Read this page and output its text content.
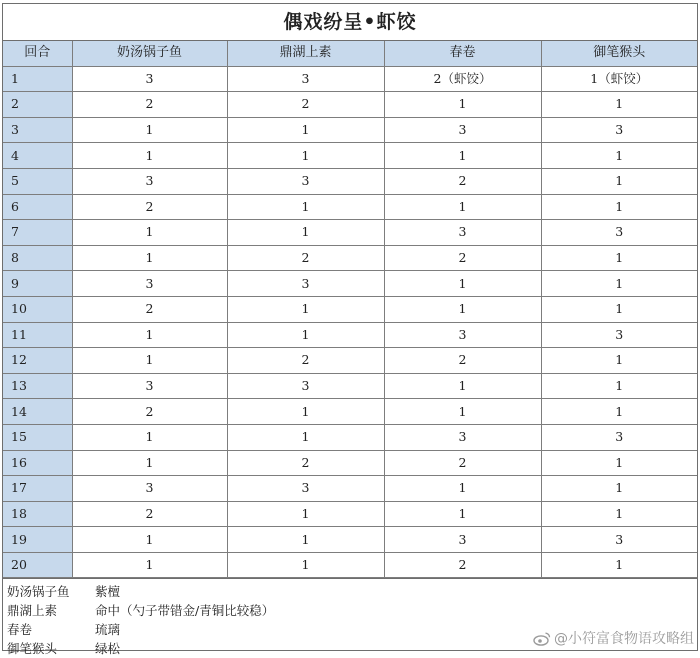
偶戏纷呈•虾饺
回合	奶汤锅子鱼	鼎湖上素	春卷	御笔猴头
1	3	3	2（虾饺）	1（虾饺）
2	2	2	1	1
3	1	1	3	3
4	1	1	1	1
5	3	3	2	1
6	2	1	1	1
7	1	1	3	3
8	1	2	2	1
9	3	3	1	1
10	2	1	1	1
11	1	1	3	3
12	1	2	2	1
13	3	3	1	1
14	2	1	1	1
15	1	1	3	3
16	1	2	2	1
17	3	3	1	1
18	2	1	1	1
19	1	1	3	3
20	1	1	2	1
奶汤锅子鱼	紫檀
鼎湖上素	命中（勺子带错金/青铜比较稳）
春卷	琉璃
御笔猴头	绿松
@小符富食物语攻略组
